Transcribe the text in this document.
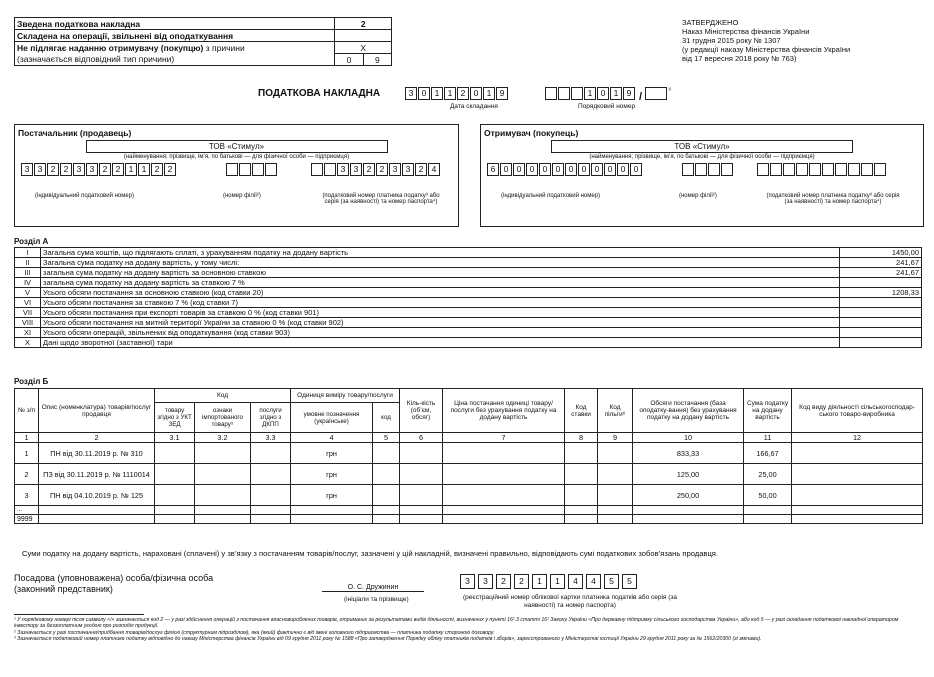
Зведена податкова накладна	2	
Складена на операції, звільнені від оподаткування		
Не підлягає наданню отримувачу (покупцю) з причини	X	
(зазначається відповідний тип причини)	0	9
ЗАТВЕРДЖЕНО
Наказ Міністерства фінансів України
31 грудня 2015 року № 1307
(у редакції наказу Міністерства фінансів України
від 17 вересня 2018 року № 763)
ПОДАТКОВА НАКЛАДНА	3 0 1 1 2 0 1 9
Дата складання
1 0 1 9 /	$^{^{1)}}$
Порядковий номер
Постачальник (продавець)
ТОВ «Стимул»
(найменування; прізвище, ім’я, по батькові — для фізичної особи — підприємця)
3 3 2 2 3 3 2 2 1 1 2 2	3 3 2 2 3 3 2 4
(індивідуальний податковий номер)	(номер філії²)	(податковий номер платника податку³ або серія (за наявності) та номер паспорта⁴)
Отримувач (покупець)
ТОВ «Стимул»
(найменування; прізвище, ім’я, по батькові — для фізичної особи — підприємця)
6 0 0 0 0 0 0 0 0 0 0 0
(індивідуальний податковий номер)	(номер філії²)	(податковий номер платника податку³ або серія (за наявності) та номер паспорта⁴)
Розділ А
I	Загальна сума коштів, що підлягають сплаті, з урахуванням податку на додану вартість	1450,00
II	Загальна сума податку на додану вартість, у тому числі:	241,67
III	загальна сума податку на додану вартість за основною ставкою	241,67
IV	загальна сума податку на додану вартість за ставкою 7 %	
V	Усього обсяги постачання за основною ставкою (код ставки 20)	1208,33
VI	Усього обсяги постачання за ставкою 7 % (код ставки 7)	
VII	Усього обсяги постачання при експорті товарів за ставкою 0 % (код ставки 901)	
VIII	Усього обсяги постачання на митній території України за ставкою 0 % (код ставки 902)	
XI	Усього обсяги операцій, звільнених від оподаткування (код ставки 903)	
X	Дані щодо зворотної (заставної) тари	
Розділ Б
№ з/п	Опис (номенклатура) товарів/послуг продавця	Код			Одиниця виміру товару/послуги		Кіль-кість (об’єм, обсяг)	Ціна постачання одиниці товару/послуги без урахування податку на додану вартість	Код ставки	Код пільги⁶	Обсяги постачання (база оподатку-вання) без урахування податку на додану вартість	Сума податку на додану вартість	Код виду діяльності сільськогосподар-ського товаро-виробника
		товару згідно з УКТ ЗЕД	ознаки імпортованого товару⁵	послуги згідно з ДКПП	умовне позначення (українське)	код							
1	2	3.1	3.2	3.3	4	5	6	7	8	9	10	11	12
1	ПН від 30.11.2019 р. № 310				грн						833,33	166,67	
2	ПЗ від 30.11.2019 р. № 1110014				грн						125,00	25,00	
3	ПН від 04.10.2019 р. № 125				грн						250,00	50,00	
...													
9999													
Суми податку на додану вартість, нараховані (сплачені) у зв’язку з постачанням товарів/послуг, зазначені у цій накладній, визначені правильно, відповідають сумі податкових зобов’язань продавця.
Посадова (уповноважена) особа/фізична особа
(законний представник)	О. С. Дружинин
(ініціали та прізвище)
3 3 2 2 1 1 4 4 5 5
(реєстраційний номер облікової картки платника податків або серія (за наявності) та номер паспорта)
¹ У порядковому номері після символу «/» зазначається код 2 — у разі здійснення операцій з постачання власновироблених товарів, отриманих за результатами видів діяльності, визначених у пункті 16¹.3 статті 16¹ Закону України «Про державну підтримку сільського господарства України», або код 5 — у разі складання податкової накладної оператором інвестору за беззоплатним угодою про розподіл продукції.
² Зазначається у разі постачання/придбання товарів/послуг філією (структурним підрозділом), яка (який) фактично є від імені головного підприємства — платника податку стороною договору.
³ Зазначається податковий номер платника податку відповідно до наказу Міністерства фінансів України від 09 грудня 2011 року № 1588 «Про затвердження Порядку обліку платників податків і зборів», зареєстрованого у Міністерстві юстиції України 29 грудня 2011 року за № 1562/20300 (зі змінами).
